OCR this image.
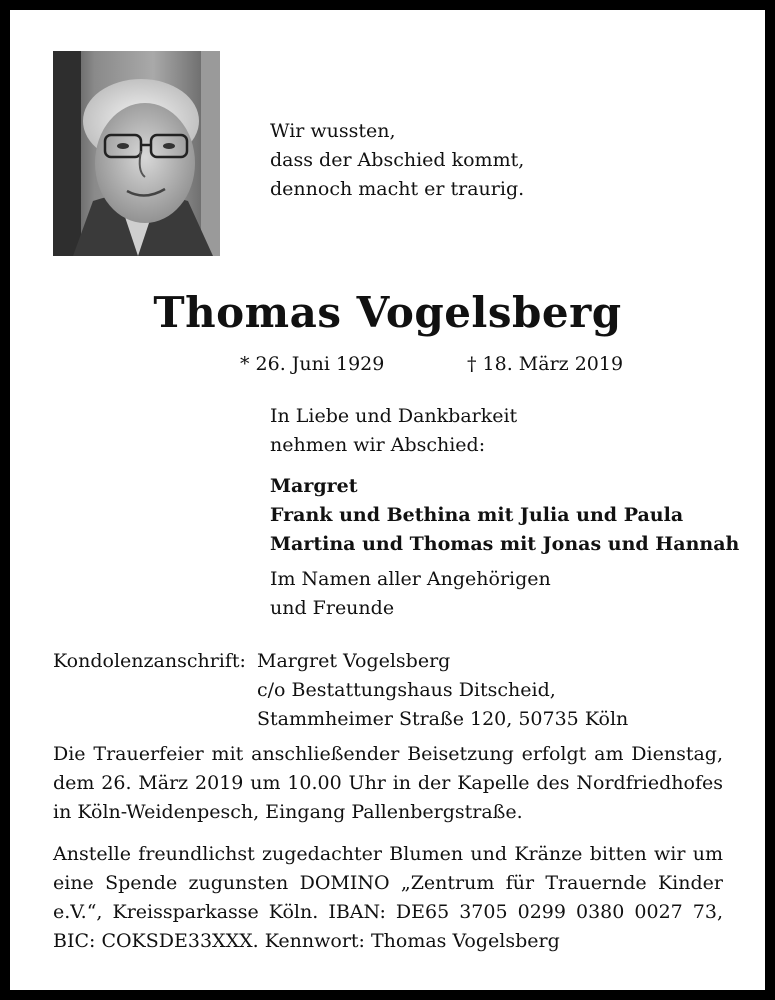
Wir wussten,
dass der Abschied kommt,
dennoch macht er traurig.
Thomas Vogelsberg
* 26. Juni 1929	† 18. März 2019
In Liebe und Dankbarkeit
nehmen wir Abschied:
Margret
Frank und Bethina mit Julia und Paula
Martina und Thomas mit Jonas und Hannah
Im Namen aller Angehörigen
und Freunde
Kondolenzanschrift: Margret Vogelsberg
c/o Bestattungshaus Ditscheid,
Stammheimer Straße 120, 50735 Köln
Die Trauerfeier mit anschließender Beisetzung erfolgt am Dienstag,
dem 26. März 2019 um 10.00 Uhr in der Kapelle des Nordfriedhofes
in Köln-Weidenpesch, Eingang Pallenbergstraße.
Anstelle freundlichst zugedachter Blumen und Kränze bitten wir um
eine Spende zugunsten DOMINO „Zentrum für Trauernde Kinder
e.V.“, Kreissparkasse Köln. IBAN: DE65 3705 0299 0380 0027 73,
BIC: COKSDE33XXX. Kennwort: Thomas Vogelsberg
